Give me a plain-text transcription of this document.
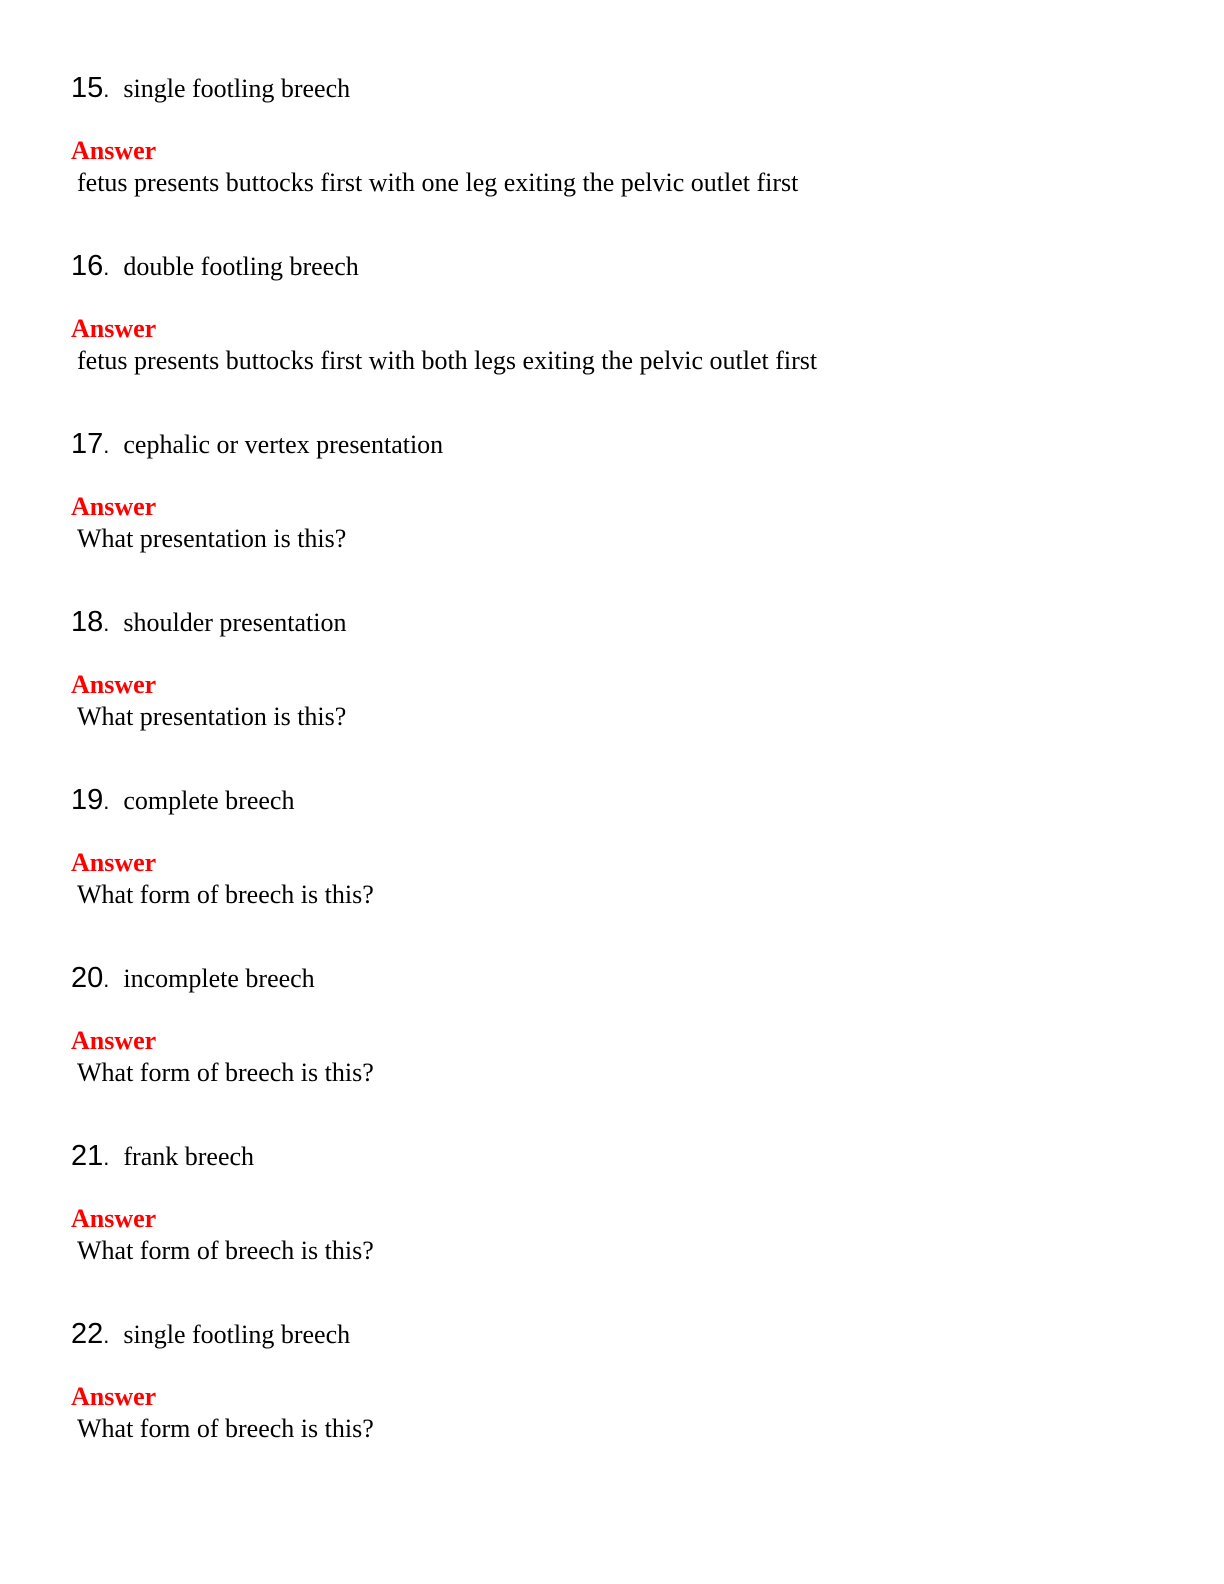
15 . single footling breech
Answer
fetus presents buttocks first with one leg exiting the pelvic outlet first
16 . double footling breech
Answer
fetus presents buttocks first with both legs exiting the pelvic outlet first
17 . cephalic or vertex presentation
Answer
What presentation is this?
18 . shoulder presentation
Answer
What presentation is this?
19 . complete breech
Answer
What form of breech is this?
20 . incomplete breech
Answer
What form of breech is this?
21 . frank breech
Answer
What form of breech is this?
22 . single footling breech
Answer
What form of breech is this?
